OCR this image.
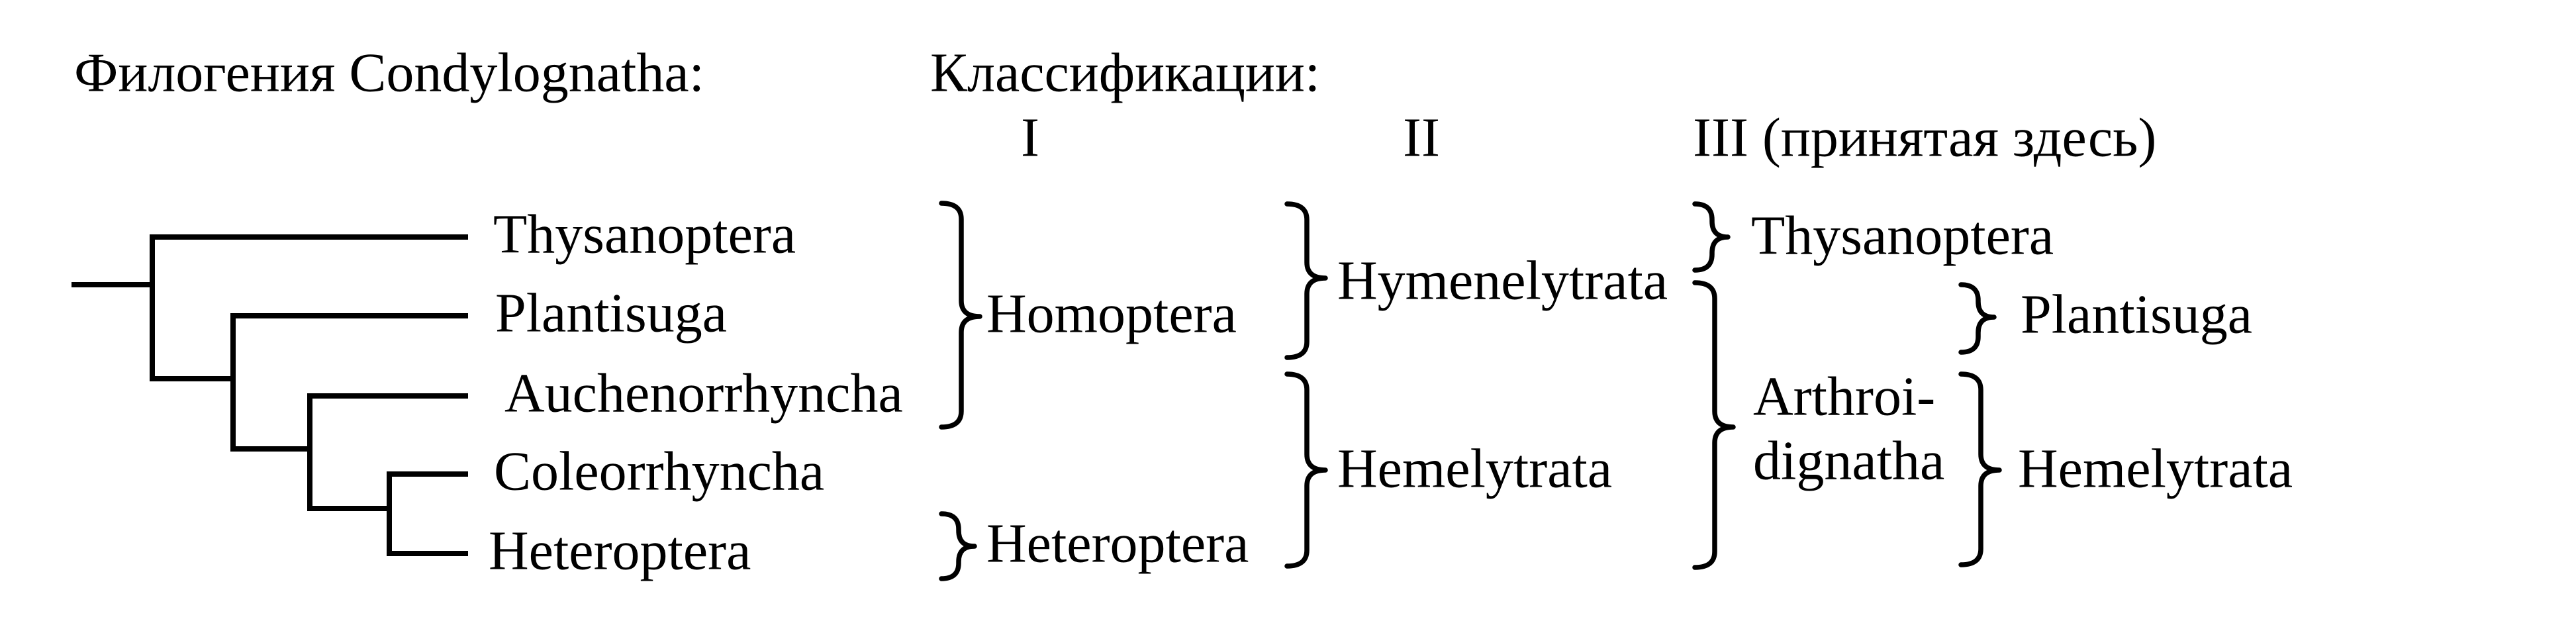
Филогения Condylognatha:	Классификации:
I	II	III (принятая здесь)
Thysanoptera
Plantisuga
Auchenorrhyncha
Coleorrhyncha
Heteroptera
Homoptera
Heteroptera
Hymenelytrata
Hemelytrata
Thysanoptera
Arthroi-
dignatha
Plantisuga
Hemelytrata
